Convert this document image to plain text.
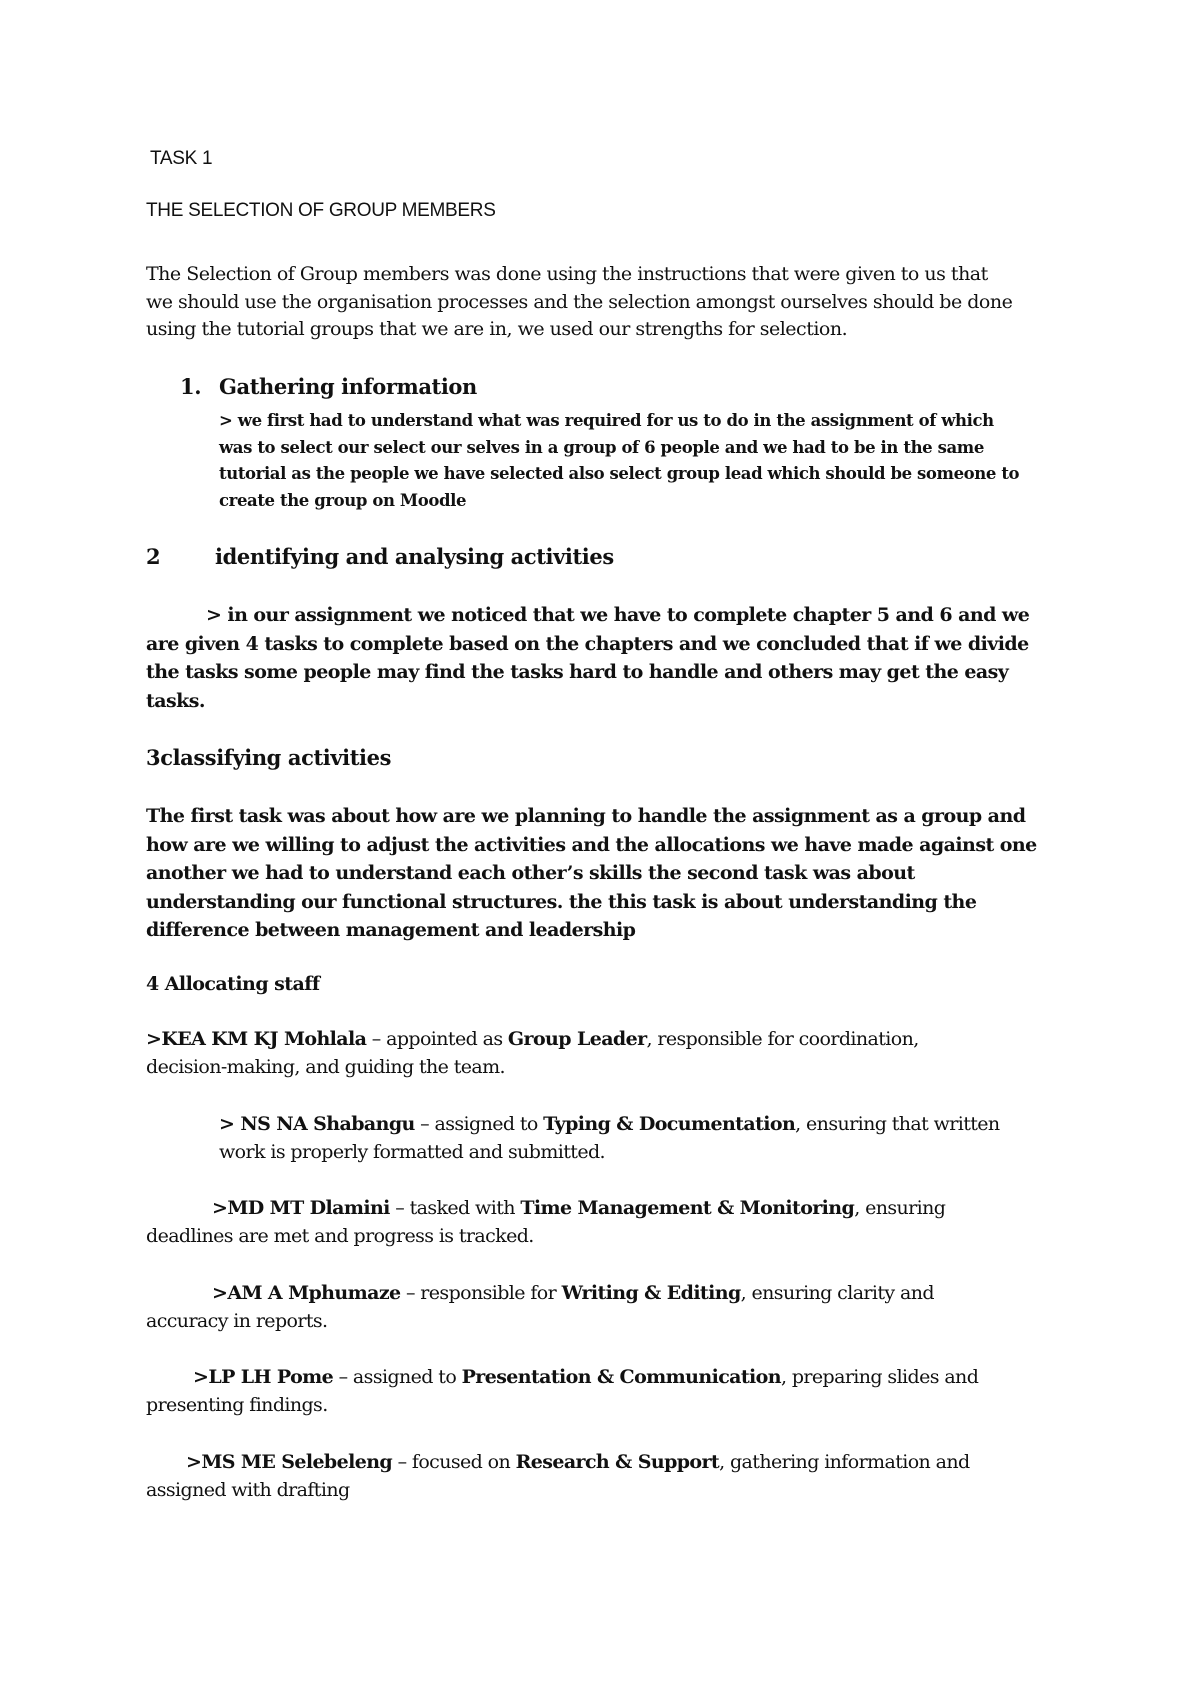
TASK 1
THE SELECTION OF GROUP MEMBERS
The Selection of Group members was done using the instructions that were given to us that
we should use the organisation processes and the selection amongst ourselves should be done
using the tutorial groups that we are in, we used our strengths for selection.
1. Gathering information
> we first had to understand what was required for us to do in the assignment of which
was to select our select our selves in a group of 6 people and we had to be in the same
tutorial as the people we have selected also select group lead which should be someone to
create the group on Moodle
2	identifying and analysing activities
> in our assignment we noticed that we have to complete chapter 5 and 6 and we
are given 4 tasks to complete based on the chapters and we concluded that if we divide
the tasks some people may find the tasks hard to handle and others may get the easy
tasks.
3classifying activities
The first task was about how are we planning to handle the assignment as a group and
how are we willing to adjust the activities and the allocations we have made against one
another we had to understand each other’s skills the second task was about
understanding our functional structures. the this task is about understanding the
difference between management and leadership
4 Allocating staff
>KEA KM KJ Mohlala – appointed as Group Leader, responsible for coordination,
decision-making, and guiding the team.
> NS NA Shabangu – assigned to Typing & Documentation, ensuring that written
work is properly formatted and submitted.
>MD MT Dlamini – tasked with Time Management & Monitoring, ensuring
deadlines are met and progress is tracked.
>AM A Mphumaze – responsible for Writing & Editing, ensuring clarity and
accuracy in reports.
>LP LH Pome – assigned to Presentation & Communication, preparing slides and
presenting findings.
>MS ME Selebeleng – focused on Research & Support, gathering information and
assigned with drafting
